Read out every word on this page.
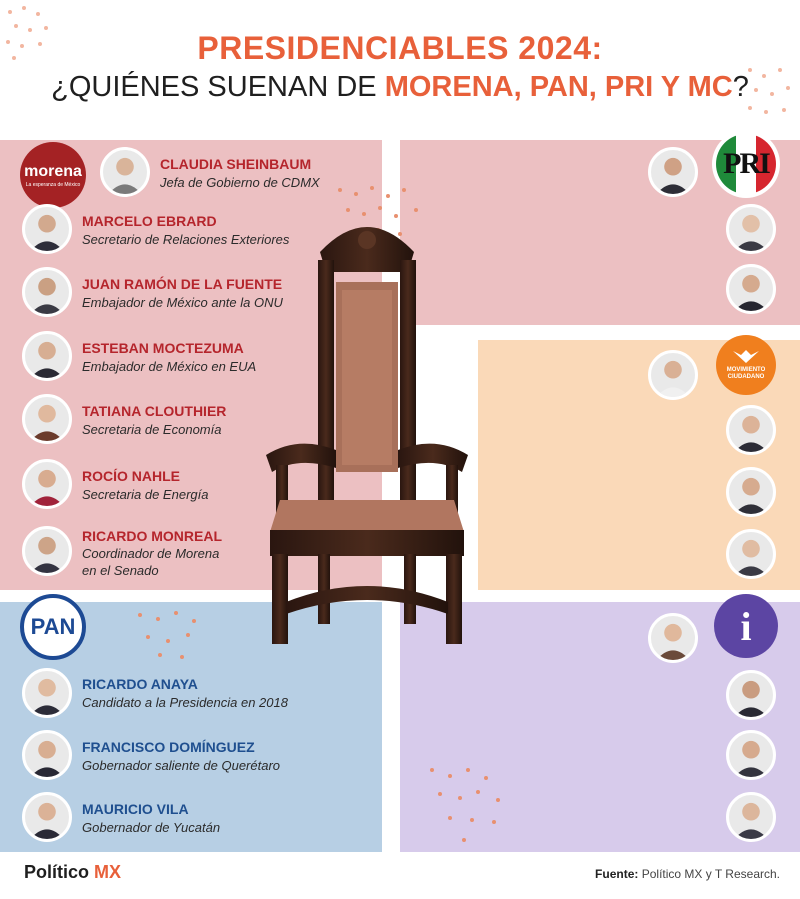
PRESIDENCIABLES 2024:
¿QUIÉNES SUENAN DE MORENA, PAN, PRI Y MC?
morena
La esperanza de México
PRI
MOVIMIENTO CIUDADANO
PAN	i
CLAUDIA SHEINBAUM
Jefa de Gobierno de CDMX
MARCELO EBRARD
Secretario de Relaciones Exteriores
JUAN RAMÓN DE LA FUENTE
Embajador de México ante la ONU
ESTEBAN MOCTEZUMA
Embajador de México en EUA
TATIANA CLOUTHIER
Secretaria de Economía
ROCÍO NAHLE
Secretaria de Energía
RICARDO MONREAL
Coordinador de Morena
en el Senado
RICARDO ANAYA
Candidato a la Presidencia en 2018
FRANCISCO DOMÍNGUEZ
Gobernador saliente de Querétaro
MAURICIO VILA
Gobernador de Yucatán
Político MX	Fuente: Político MX y T Research.
